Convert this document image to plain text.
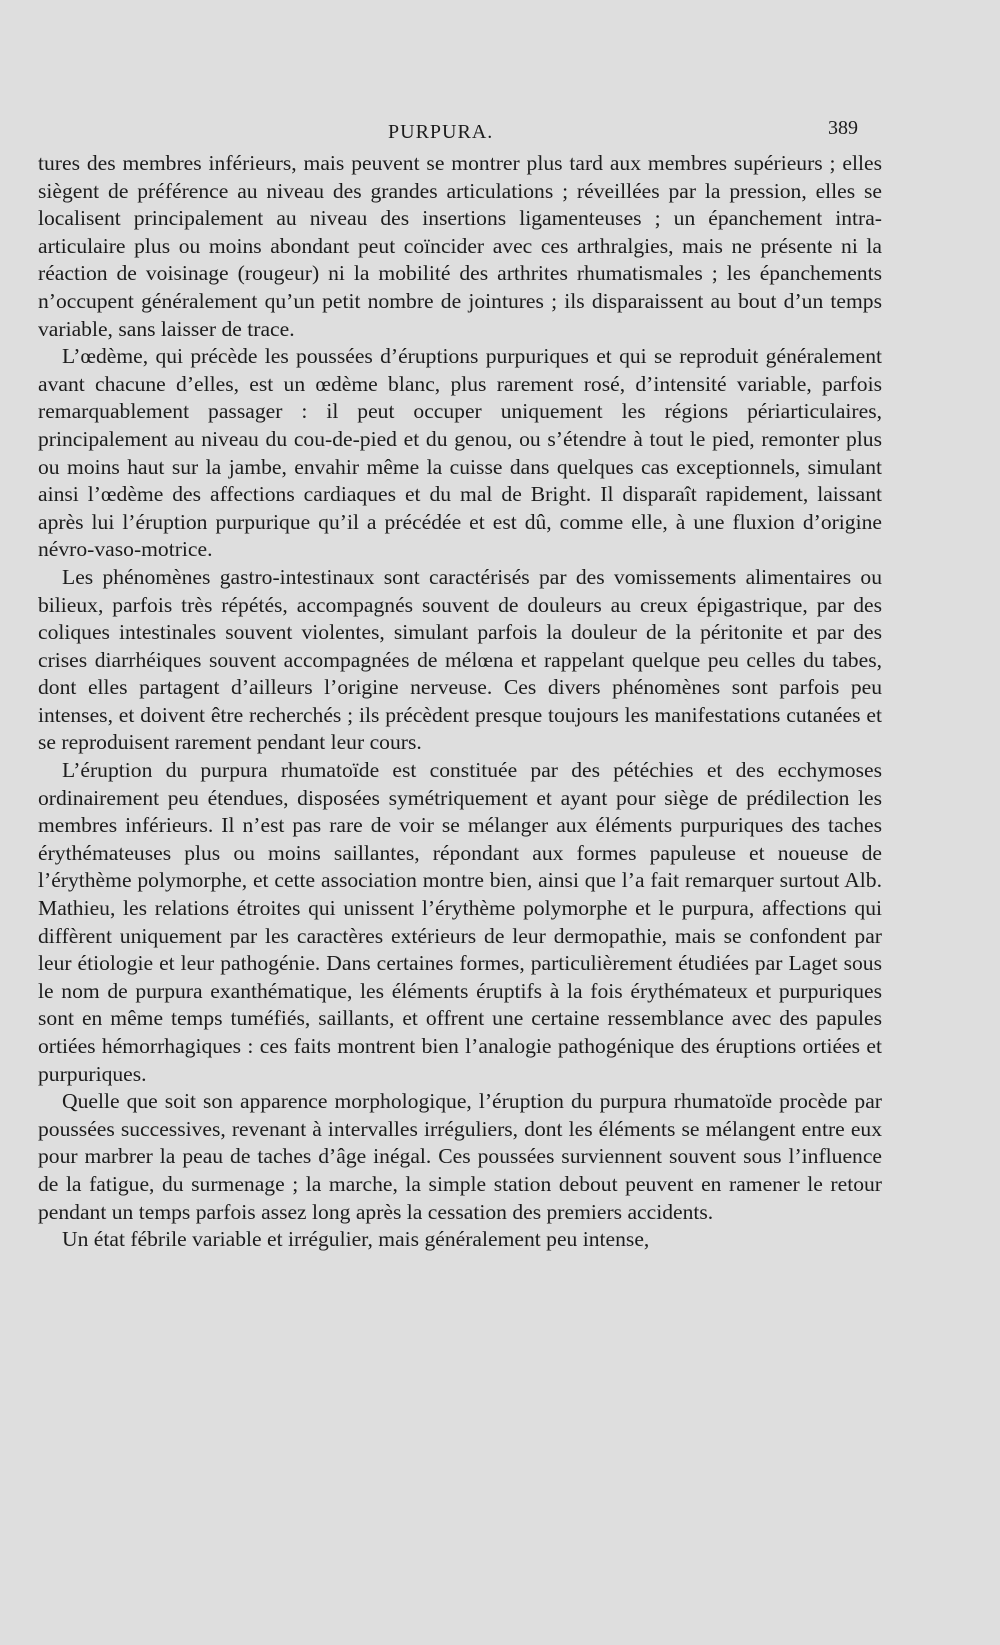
PURPURA.	389

tures des membres inférieurs, mais peuvent se montrer plus tard aux membres supérieurs ; elles siègent de préférence au niveau des grandes articulations ; réveillées par la pression, elles se localisent principalement au niveau des insertions ligamenteuses ; un épanchement intra-articulaire plus ou moins abondant peut coïncider avec ces arthralgies, mais ne présente ni la réaction de voisinage (rougeur) ni la mobilité des arthrites rhumatismales ; les épanchements n’occupent généralement qu’un petit nombre de jointures ; ils disparaissent au bout d’un temps variable, sans laisser de trace.

L’œdème, qui précède les poussées d’éruptions purpuriques et qui se reproduit généralement avant chacune d’elles, est un œdème blanc, plus rarement rosé, d’intensité variable, parfois remarquablement passager : il peut occuper uniquement les régions périarticulaires, principalement au niveau du cou-de-pied et du genou, ou s’étendre à tout le pied, remonter plus ou moins haut sur la jambe, envahir même la cuisse dans quelques cas exceptionnels, simulant ainsi l’œdème des affections cardiaques et du mal de Bright. Il disparaît rapidement, laissant après lui l’éruption purpurique qu’il a précédée et est dû, comme elle, à une fluxion d’origine névro-vaso-motrice.

Les phénomènes gastro-intestinaux sont caractérisés par des vomissements alimentaires ou bilieux, parfois très répétés, accompagnés souvent de douleurs au creux épigastrique, par des coliques intestinales souvent violentes, simulant parfois la douleur de la péritonite et par des crises diarrhéiques souvent accompagnées de mélœna et rappelant quelque peu celles du tabes, dont elles partagent d’ailleurs l’origine nerveuse. Ces divers phénomènes sont parfois peu intenses, et doivent être recherchés ; ils précèdent presque toujours les manifestations cutanées et se reproduisent rarement pendant leur cours.

L’éruption du purpura rhumatoïde est constituée par des pétéchies et des ecchymoses ordinairement peu étendues, disposées symétriquement et ayant pour siège de prédilection les membres inférieurs. Il n’est pas rare de voir se mélanger aux éléments purpuriques des taches érythémateuses plus ou moins saillantes, répondant aux formes papuleuse et noueuse de l’érythème polymorphe, et cette association montre bien, ainsi que l’a fait remarquer surtout Alb. Mathieu, les relations étroites qui unissent l’érythème polymorphe et le purpura, affections qui diffèrent uniquement par les caractères extérieurs de leur dermopathie, mais se confondent par leur étiologie et leur pathogénie. Dans certaines formes, particulièrement étudiées par Laget sous le nom de purpura exanthématique, les éléments éruptifs à la fois érythémateux et purpuriques sont en même temps tuméfiés, saillants, et offrent une certaine ressemblance avec des papules ortiées hémorrhagiques : ces faits montrent bien l’analogie pathogénique des éruptions ortiées et purpuriques.

Quelle que soit son apparence morphologique, l’éruption du purpura rhumatoïde procède par poussées successives, revenant à intervalles irréguliers, dont les éléments se mélangent entre eux pour marbrer la peau de taches d’âge inégal. Ces poussées surviennent souvent sous l’influence de la fatigue, du surmenage ; la marche, la simple station debout peuvent en ramener le retour pendant un temps parfois assez long après la cessation des premiers accidents.

Un état fébrile variable et irrégulier, mais généralement peu intense,
